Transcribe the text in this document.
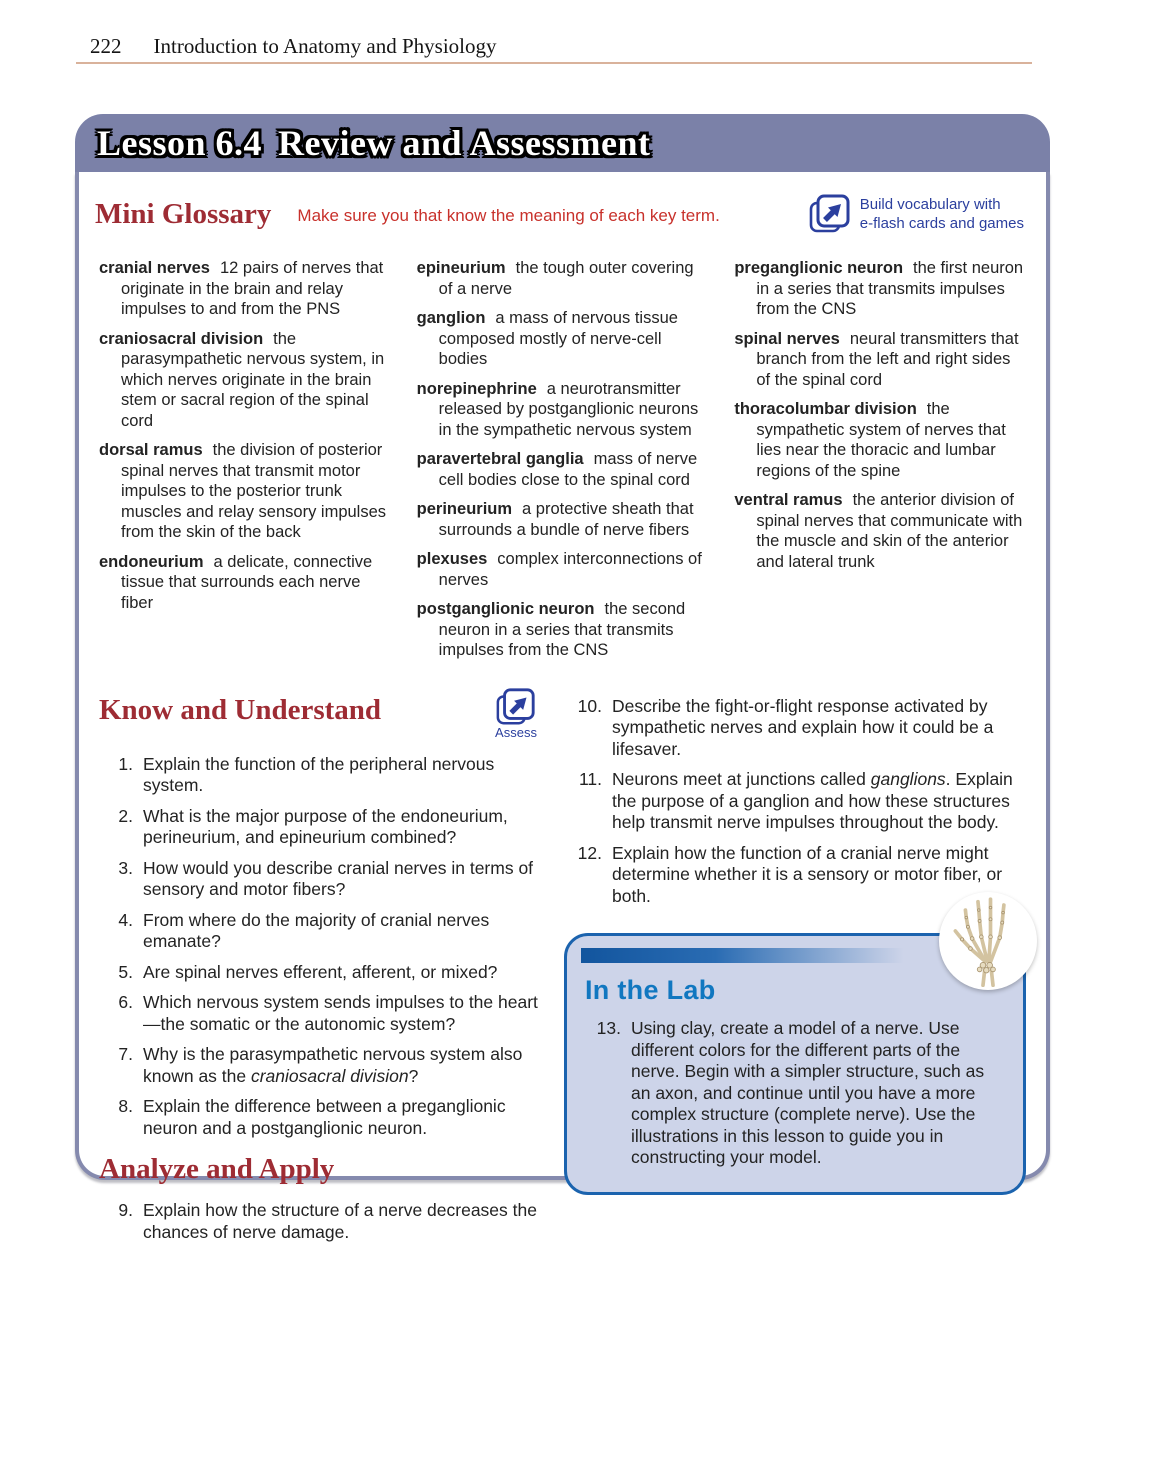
222 Introduction to Anatomy and Physiology
Lesson 6.4 Review and Assessment
Mini Glossary Make sure you that know the meaning of each key term.
Build vocabulary with
e-flash cards and games

cranial nerves 12 pairs of nerves that originate in the brain and relay impulses to and from the PNS

craniosacral division the parasympathetic nervous system, in which nerves originate in the brain stem or sacral region of the spinal cord

dorsal ramus the division of posterior spinal nerves that transmit motor impulses to the posterior trunk muscles and relay sensory impulses from the skin of the back

endoneurium a delicate, connective tissue that surrounds each nerve fiber

epineurium the tough outer covering of a nerve

ganglion a mass of nervous tissue composed mostly of nerve-cell bodies

norepinephrine a neurotransmitter released by postganglionic neurons in the sympathetic nervous system

paravertebral ganglia mass of nerve cell bodies close to the spinal cord

perineurium a protective sheath that surrounds a bundle of nerve fibers

plexuses complex interconnections of nerves

postganglionic neuron the second neuron in a series that transmits impulses from the CNS

preganglionic neuron the first neuron in a series that transmits impulses from the CNS

spinal nerves neural transmitters that branch from the left and right sides of the spinal cord

thoracolumbar division the sympathetic system of nerves that lies near the thoracic and lumbar regions of the spine

ventral ramus the anterior division of spinal nerves that communicate with the muscle and skin of the anterior and lateral trunk

Know and Understand
Assess
1. Explain the function of the peripheral nervous system.
2. What is the major purpose of the endoneurium, perineurium, and epineurium combined?
3. How would you describe cranial nerves in terms of sensory and motor fibers?
4. From where do the majority of cranial nerves emanate?
5. Are spinal nerves efferent, afferent, or mixed?
6. Which nervous system sends impulses to the heart—the somatic or the autonomic system?
7. Why is the parasympathetic nervous system also known as the craniosacral division?
8. Explain the difference between a preganglionic neuron and a postganglionic neuron.
Analyze and Apply
9. Explain how the structure of a nerve decreases the chances of nerve damage.
10. Describe the fight-or-flight response activated by sympathetic nerves and explain how it could be a lifesaver.
11. Neurons meet at junctions called ganglions. Explain the purpose of a ganglion and how these structures help transmit nerve impulses throughout the body.
12. Explain how the function of a cranial nerve might determine whether it is a sensory or motor fiber, or both.
In the Lab
13. Using clay, create a model of a nerve. Use different colors for the different parts of the nerve. Begin with a simpler structure, such as an axon, and continue until you have a more complex structure (complete nerve). Use the illustrations in this lesson to guide you in constructing your model.
